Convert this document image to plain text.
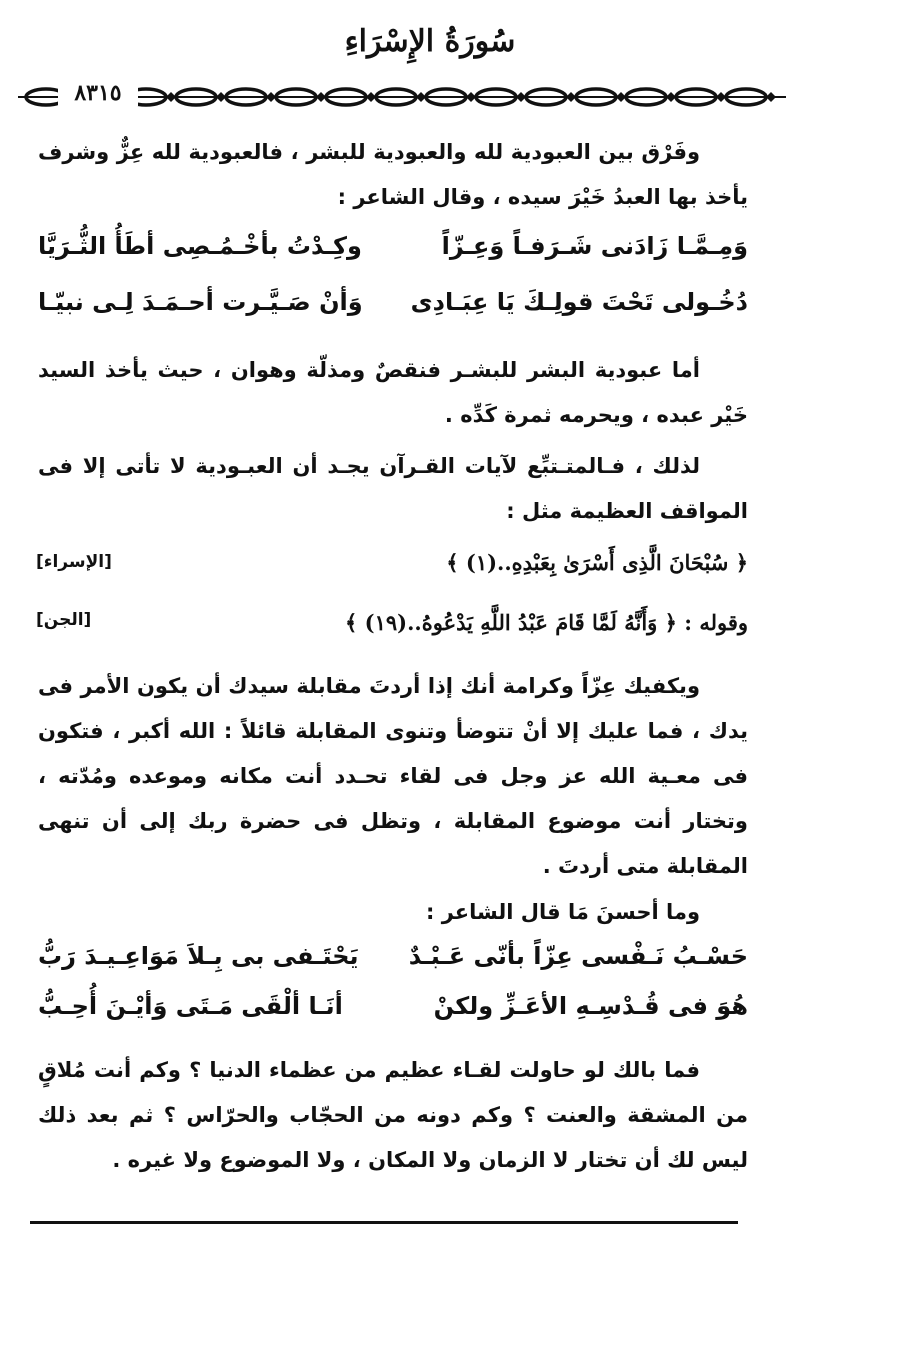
سُورَةُ الإِسْرَاءِ
٨٣١٥
وفَرْق بين العبودية لله والعبودية للبشر ، فالعبودية لله عِزٌّ وشرف يأخذ بها العبدُ خَيْرَ سيده ، وقال الشاعر :
وَمِـمَّـا زَادَنى شَـرَفـاً وَعِـزّاً
وكِـدْتُ بأخْـمُـصِى أطَأُ الثُّـرَيَّا
دُخُـولى تَحْتَ قولِـكَ يَا عِبَـادِى
وَأنْ صَـيَّـرت أحـمَـدَ لِـى نبيّـا
أما عبودية البشر للبشـر فنقصٌ ومذلّة وهوان ، حيث يأخذ السيد خَيْر عبده ، ويحرمه ثمرة كَدِّه .
لذلك ، فـالمتـتبِّع لآيات القـرآن يجـد أن العبـودية لا تأتى إلا فى المواقف العظيمة مثل :
﴿ سُبْحَانَ الَّذِى أَسْرَىٰ بِعَبْدِهِ..(١) ﴾
[الإسراء]
وقوله : ﴿ وَأَنَّهُ لَمَّا قَامَ عَبْدُ اللَّهِ يَدْعُوهُ..(١٩) ﴾
[الجن]
ويكفيك عِزّاً وكرامة أنك إذا أردتَ مقابلة سيدك أن يكون الأمر فى يدك ، فما عليك إلا أنْ تتوضأ وتنوى المقابلة قائلاً : الله أكبر ، فتكون فى معـية الله عز وجل فى لقاء تحـدد أنت مكانه وموعده ومُدّته ، وتختار أنت موضوع المقابلة ، وتظل فى حضرة ربك إلى أن تنهى المقابلة متى أردتَ .
وما أحسنَ مَا قال الشاعر :
حَسْـبُ نَـفْسى عِزّاً بأنّى عَـبْـدٌ
يَحْتَـفى بى بِـلاَ مَوَاعِـيـدَ رَبُّ
هُوَ فى قُـدْسِـهِ الأعَـزِّ ولكنْ
أنَـا ألْقَى مَـتَى وَأيْـنَ أُحِـبُّ
فما بالك لو حاولت لقـاء عظيم من عظماء الدنيا ؟ وكم أنت مُلاقٍ من المشقة والعنت ؟ وكم دونه من الحجّاب والحرّاس ؟ ثم بعد ذلك ليس لك أن تختار لا الزمان ولا المكان ، ولا الموضوع ولا غيره .
